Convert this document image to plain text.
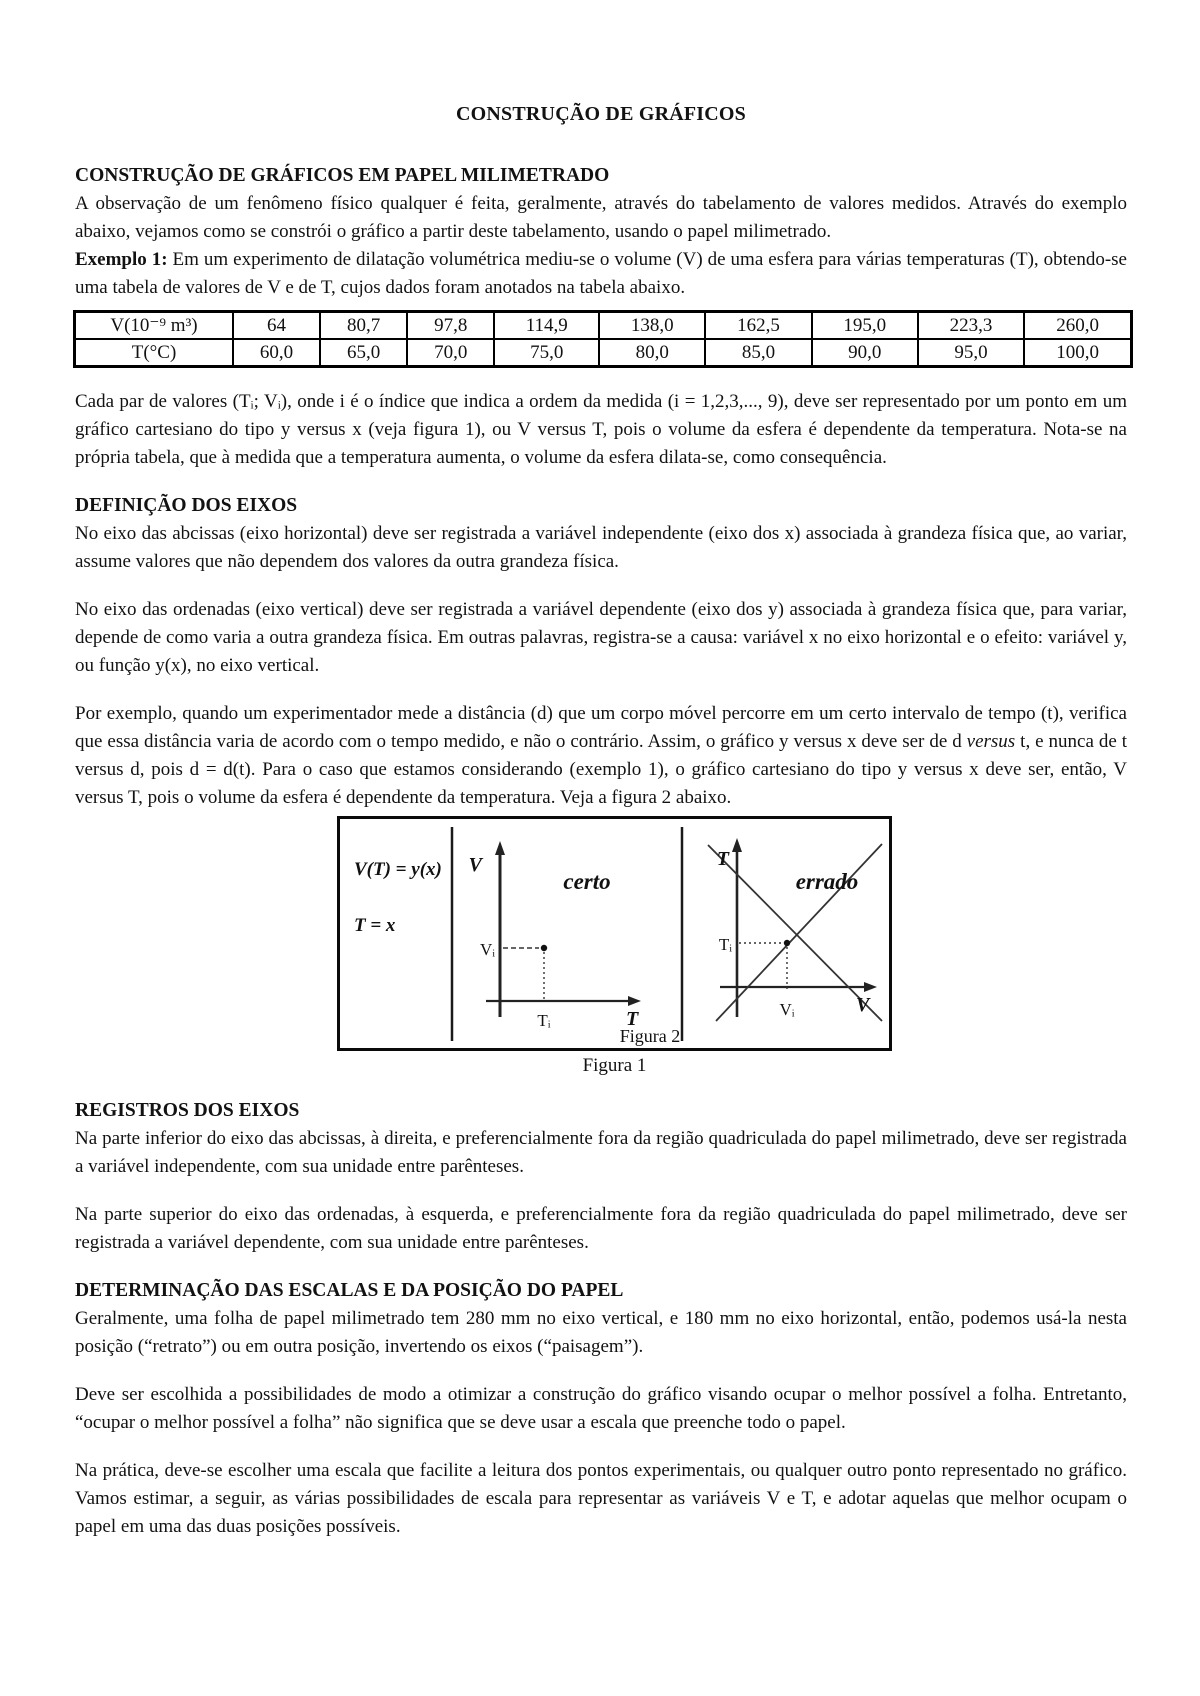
CONSTRUÇÃO DE GRÁFICOS
CONSTRUÇÃO DE GRÁFICOS EM PAPEL MILIMETRADO

A observação de um fenômeno físico qualquer é feita, geralmente, através do tabelamento de valores medidos. Através do exemplo abaixo, vejamos como se constrói o gráfico a partir deste tabelamento, usando o papel milimetrado.

Exemplo 1: Em um experimento de dilatação volumétrica mediu-se o volume (V) de uma esfera para várias temperaturas (T), obtendo-se uma tabela de valores de V e de T, cujos dados foram anotados na tabela abaixo.

V(10⁻⁹ m³)	64	80,7	97,8	114,9	138,0	162,5	195,0	223,3	260,0
T(°C)	60,0	65,0	70,0	75,0	80,0	85,0	90,0	95,0	100,0

Cada par de valores (Tᵢ; Vᵢ), onde i é o índice que indica a ordem da medida (i = 1,2,3,..., 9), deve ser representado por um ponto em um gráfico cartesiano do tipo y versus x (veja figura 1), ou V versus T, pois o volume da esfera é dependente da temperatura. Nota-se na própria tabela, que à medida que a temperatura aumenta, o volume da esfera dilata-se, como consequência.

DEFINIÇÃO DOS EIXOS

No eixo das abcissas (eixo horizontal) deve ser registrada a variável independente (eixo dos x) associada à grandeza física que, ao variar, assume valores que não dependem dos valores da outra grandeza física.

No eixo das ordenadas (eixo vertical) deve ser registrada a variável dependente (eixo dos y) associada à grandeza física que, para variar, depende de como varia a outra grandeza física. Em outras palavras, registra-se a causa: variável x no eixo horizontal e o efeito: variável y, ou função y(x), no eixo vertical.

Por exemplo, quando um experimentador mede a distância (d) que um corpo móvel percorre em um certo intervalo de tempo (t), verifica que essa distância varia de acordo com o tempo medido, e não o contrário. Assim, o gráfico y versus x deve ser de d versus t, e nunca de t versus d, pois d = d(t). Para o caso que estamos considerando (exemplo 1), o gráfico cartesiano do tipo y versus x deve ser, então, V versus T, pois o volume da esfera é dependente da temperatura. Veja a figura 2 abaixo.

V(T) = y(x)
T = x
V
certo
Vᵢ
Tᵢ	T
T
errado
Tᵢ
Vᵢ	V
Figura 2

Figura 1

REGISTROS DOS EIXOS

Na parte inferior do eixo das abcissas, à direita, e preferencialmente fora da região quadriculada do papel milimetrado, deve ser registrada a variável independente, com sua unidade entre parênteses.

Na parte superior do eixo das ordenadas, à esquerda, e preferencialmente fora da região quadriculada do papel milimetrado, deve ser registrada a variável dependente, com sua unidade entre parênteses.

DETERMINAÇÃO DAS ESCALAS E DA POSIÇÃO DO PAPEL

Geralmente, uma folha de papel milimetrado tem 280 mm no eixo vertical, e 180 mm no eixo horizontal, então, podemos usá-la nesta posição (“retrato”) ou em outra posição, invertendo os eixos (“paisagem”).

Deve ser escolhida a possibilidades de modo a otimizar a construção do gráfico visando ocupar o melhor possível a folha. Entretanto, “ocupar o melhor possível a folha” não significa que se deve usar a escala que preenche todo o papel.

Na prática, deve-se escolher uma escala que facilite a leitura dos pontos experimentais, ou qualquer outro ponto representado no gráfico. Vamos estimar, a seguir, as várias possibilidades de escala para representar as variáveis V e T, e adotar aquelas que melhor ocupam o papel em uma das duas posições possíveis.
